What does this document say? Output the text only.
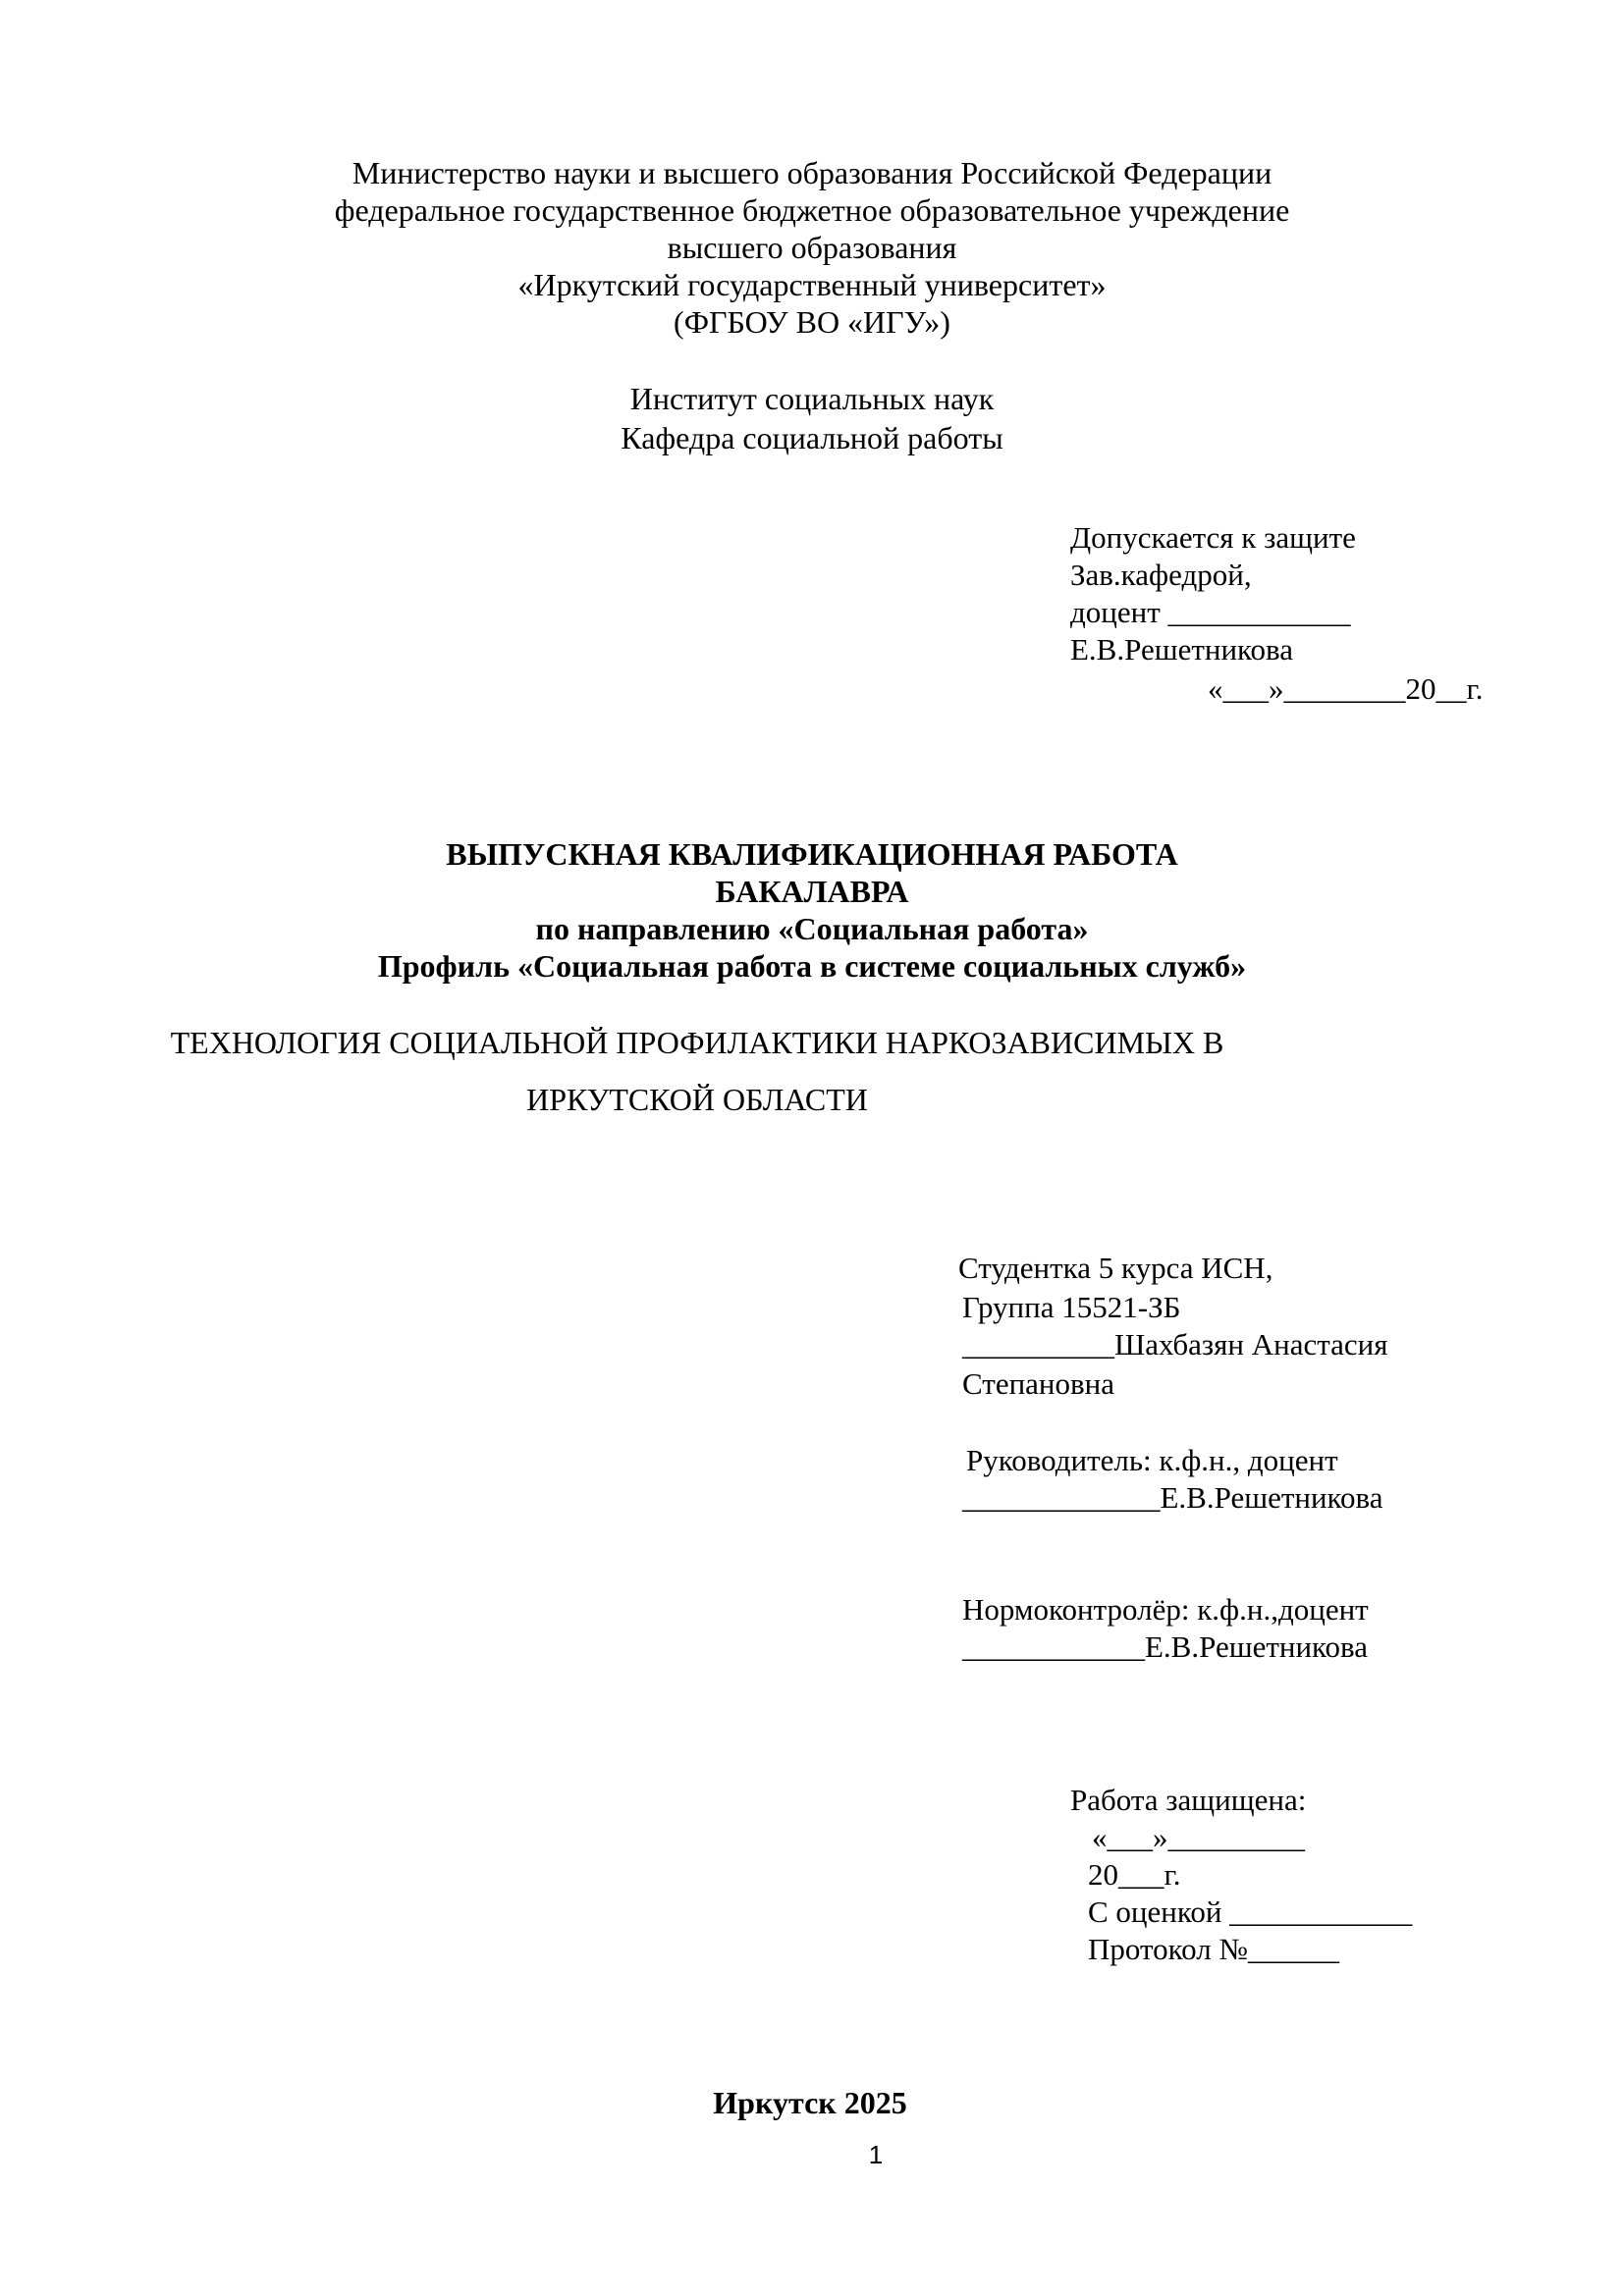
Министерство науки и высшего образования Российской Федерации
федеральное государственное бюджетное образовательное учреждение
высшего образования
«Иркутский государственный университет»
(ФГБОУ ВО «ИГУ»)
Институт социальных наук
Кафедра социальной работы
Допускается к защите
Зав.кафедрой,
доцент ____________
Е.В.Решетникова
«___»________20__г.
ВЫПУСКНАЯ КВАЛИФИКАЦИОННАЯ РАБОТА
БАКАЛАВРА
по направлению «Социальная работа»
Профиль «Социальная работа в системе социальных служб»
ТЕХНОЛОГИЯ СОЦИАЛЬНОЙ ПРОФИЛАКТИКИ НАРКОЗАВИСИМЫХ В
ИРКУТСКОЙ ОБЛАСТИ
Студентка 5 курса ИСН,
Группа 15521-ЗБ
__________Шахбазян Анастасия
Степановна
Руководитель: к.ф.н., доцент
_____________Е.В.Решетникова
Нормоконтролёр: к.ф.н.,доцент
____________Е.В.Решетникова
Работа защищена:
«___»_________
20___г.
С оценкой ____________
Протокол №______
Иркутск 2025
1
